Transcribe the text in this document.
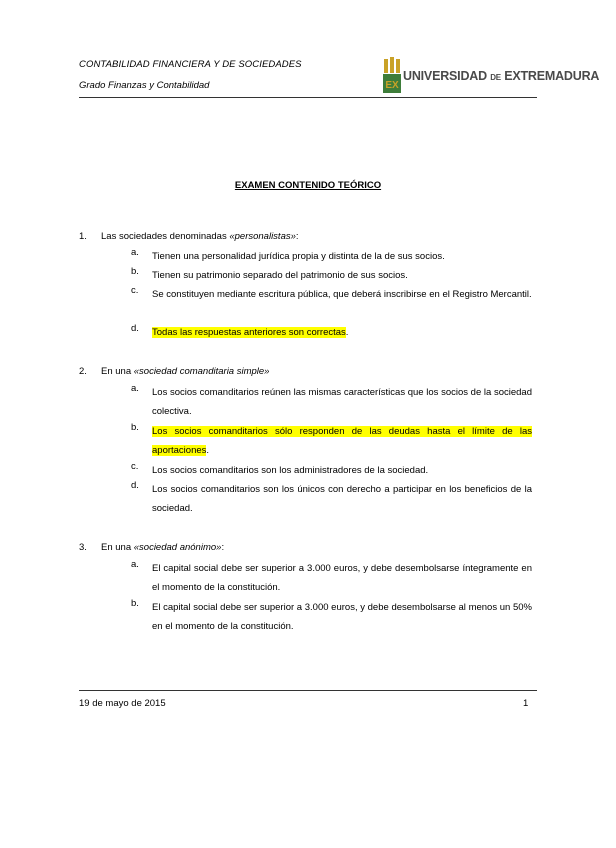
CONTABILIDAD FINANCIERA Y DE SOCIEDADES
Grado Finanzas y Contabilidad	EX
UNIVERSIDAD DE EXTREMADURA
EXAMEN CONTENIDO TEÓRICO
1. Las sociedades denominadas «personalistas»:
a. Tienen una personalidad jurídica propia y distinta de la de sus socios.
b. Tienen su patrimonio separado del patrimonio de sus socios.
c. Se constituyen mediante escritura pública, que deberá inscribirse en el Registro Mercantil.
d. Todas las respuestas anteriores son correctas.
2. En una «sociedad comanditaria simple»
a. Los socios comanditarios reúnen las mismas características que los socios de la sociedad colectiva.
b. Los socios comanditarios sólo responden de las deudas hasta el límite de las aportaciones.
c. Los socios comanditarios son los administradores de la sociedad.
d. Los socios comanditarios son los únicos con derecho a participar en los beneficios de la sociedad.
3. En una «sociedad anónimo»:
a. El capital social debe ser superior a 3.000 euros, y debe desembolsarse íntegramente en el momento de la constitución.
b. El capital social debe ser superior a 3.000 euros, y debe desembolsarse al menos un 50% en el momento de la constitución.
19 de mayo de 2015	1
